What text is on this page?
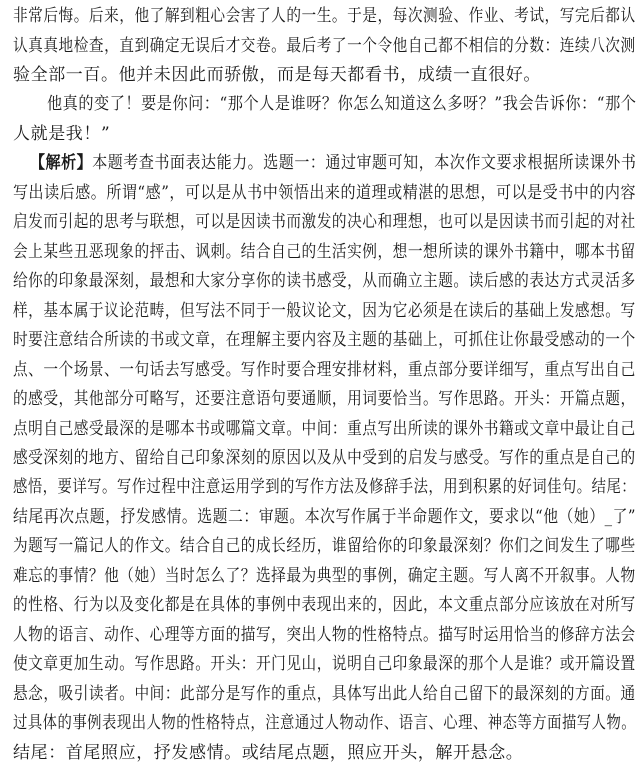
非常后悔。后来，他了解到粗心会害了人的一生。于是，每次测验、作业、考试，写完后都认
认真真地检查，直到确定无误后才交卷。最后考了一个令他自己都不相信的分数：连续八次测
验全部一百。他并未因此而骄傲，而是每天都看书，成绩一直很好。
他真的变了！要是你问：“那个人是谁呀？你怎么知道这么多呀？”我会告诉你：“那个
人就是我！”
【解析】本题考查书面表达能力。选题一：通过审题可知，本次作文要求根据所读课外书
写出读后感。所谓“感”，可以是从书中领悟出来的道理或精湛的思想，可以是受书中的内容
启发而引起的思考与联想，可以是因读书而激发的决心和理想，也可以是因读书而引起的对社
会上某些丑恶现象的抨击、讽刺。结合自己的生活实例，想一想所读的课外书籍中，哪本书留
给你的印象最深刻，最想和大家分享你的读书感受，从而确立主题。读后感的表达方式灵活多
样，基本属于议论范畴，但写法不同于一般议论文，因为它必须是在读后的基础上发感想。写
时要注意结合所读的书或文章，在理解主要内容及主题的基础上，可抓住让你最受感动的一个
点、一个场景、一句话去写感受。写作时要合理安排材料，重点部分要详细写，重点写出自己
的感受，其他部分可略写，还要注意语句要通顺，用词要恰当。写作思路。开头：开篇点题，
点明自己感受最深的是哪本书或哪篇文章。中间：重点写出所读的课外书籍或文章中最让自己
感受深刻的地方、留给自己印象深刻的原因以及从中受到的启发与感受。写作的重点是自己的
感悟，要详写。写作过程中注意运用学到的写作方法及修辞手法，用到积累的好词佳句。结尾：
结尾再次点题，抒发感情。选题二：审题。本次写作属于半命题作文，要求以“他（她）_了”
为题写一篇记人的作文。结合自己的成长经历，谁留给你的印象最深刻？你们之间发生了哪些
难忘的事情？他（她）当时怎么了？选择最为典型的事例，确定主题。写人离不开叙事。人物
的性格、行为以及变化都是在具体的事例中表现出来的，因此，本文重点部分应该放在对所写
人物的语言、动作、心理等方面的描写，突出人物的性格特点。描写时运用恰当的修辞方法会
使文章更加生动。写作思路。开头：开门见山，说明自己印象最深的那个人是谁？或开篇设置
悬念，吸引读者。中间：此部分是写作的重点，具体写出此人给自己留下的最深刻的方面。通
过具体的事例表现出人物的性格特点，注意通过人物动作、语言、心理、神态等方面描写人物。
结尾：首尾照应，抒发感情。或结尾点题，照应开头，解开悬念。
